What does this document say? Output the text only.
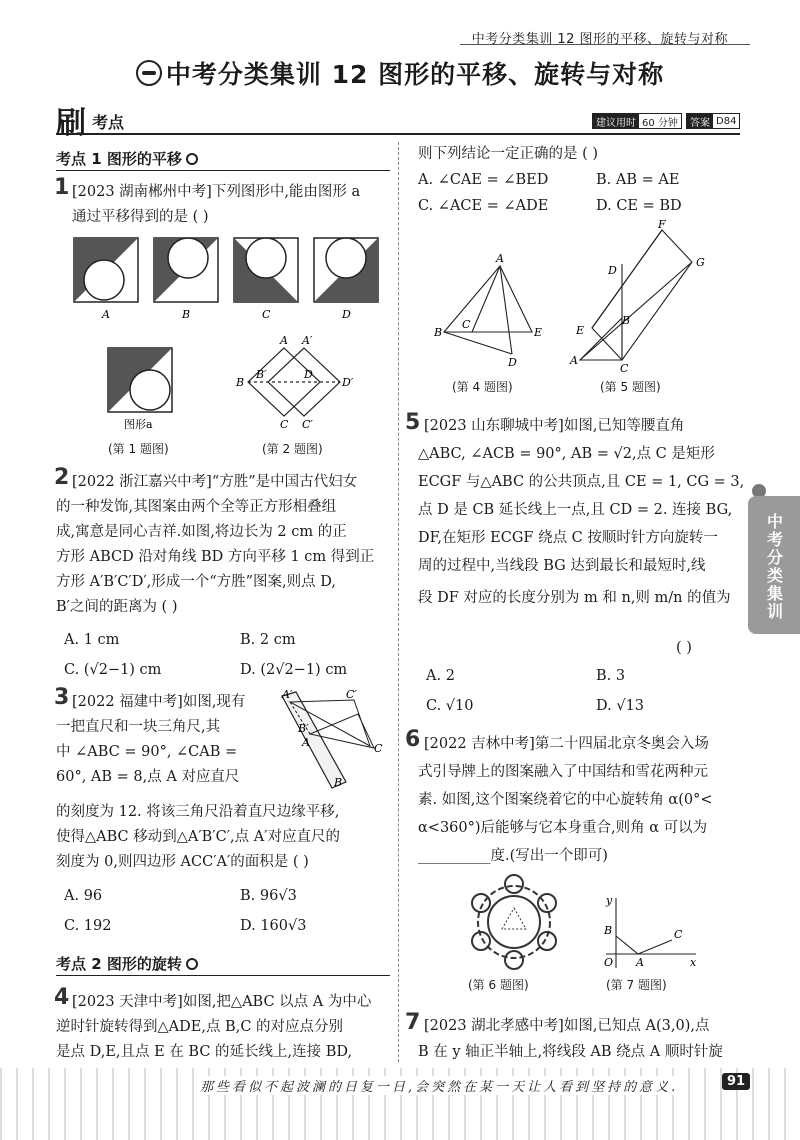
中考分类集训 12 图形的平移、旋转与对称
中考分类集训 12 图形的平移、旋转与对称
刷 考点	建议用时 60 分钟	答案 D84
中考分类集训
考点 1 图形的平移
1 [2023 湖南郴州中考]下列图形中,能由图形 a
通过平移得到的是 ( )
A	B	C	D
图形a
A A′
B
B′	D
D′
C C′
(第 1 题图)	(第 2 题图)
2 [2022 浙江嘉兴中考]“方胜”是中国古代妇女
的一种发饰,其图案由两个全等正方形相叠组
成,寓意是同心吉祥.如图,将边长为 2 cm 的正
方形 ABCD 沿对角线 BD 方向平移 1 cm 得到正
方形 A′B′C′D′,形成一个“方胜”图案,则点 D,
B′之间的距离为 ( )
A. 1 cm	B. 2 cm
C. (√2−1) cm	D. (2√2−1) cm
3 [2022 福建中考]如图,现有
一把直尺和一块三角尺,其
中 ∠ABC = 90°, ∠CAB =
60°, AB = 8,点 A 对应直尺
A′	C′
B′
A	C
B
的刻度为 12. 将该三角尺沿着直尺边缘平移,
使得△ABC 移动到△A′B′C′,点 A′对应直尺的
刻度为 0,则四边形 ACC′A′的面积是 ( )
A. 96	B. 96√3
C. 192	D. 160√3
考点 2 图形的旋转
4 [2023 天津中考]如图,把△ABC 以点 A 为中心
逆时针旋转得到△ADE,点 B,C 的对应点分别
是点 D,E,且点 E 在 BC 的延长线上,连接 BD,
则下列结论一定正确的是 ( )
A. ∠CAE = ∠BED	B. AB = AE
C. ∠ACE = ∠ADE	D. CE = BD
A
B
C
E
D
F
G
D
E
B
A
C
(第 4 题图)	(第 5 题图)
5 [2023 山东聊城中考]如图,已知等腰直角
△ABC, ∠ACB = 90°, AB = √2,点 C 是矩形
ECGF 与△ABC 的公共顶点,且 CE = 1, CG = 3,
点 D 是 CB 延长线上一点,且 CD = 2. 连接 BG,
DF,在矩形 ECGF 绕点 C 按顺时针方向旋转一
周的过程中,当线段 BG 达到最长和最短时,线
段 DF 对应的长度分别为 m 和 n,则 m/n 的值为
( )
A. 2	B. 3
C. √10	D. √13
6 [2022 吉林中考]第二十四届北京冬奥会入场
式引导牌上的图案融入了中国结和雪花两种元
素. 如图,这个图案绕着它的中心旋转角 α(0°<
α<360°)后能够与它本身重合,则角 α 可以为
__________度.(写出一个即可)
y
x
O
B
A
C
(第 6 题图)	(第 7 题图)
7 [2023 湖北孝感中考]如图,已知点 A(3,0),点
B 在 y 轴正半轴上,将线段 AB 绕点 A 顺时针旋
那些看似不起波澜的日复一日,会突然在某一天让人看到坚持的意义.	91
